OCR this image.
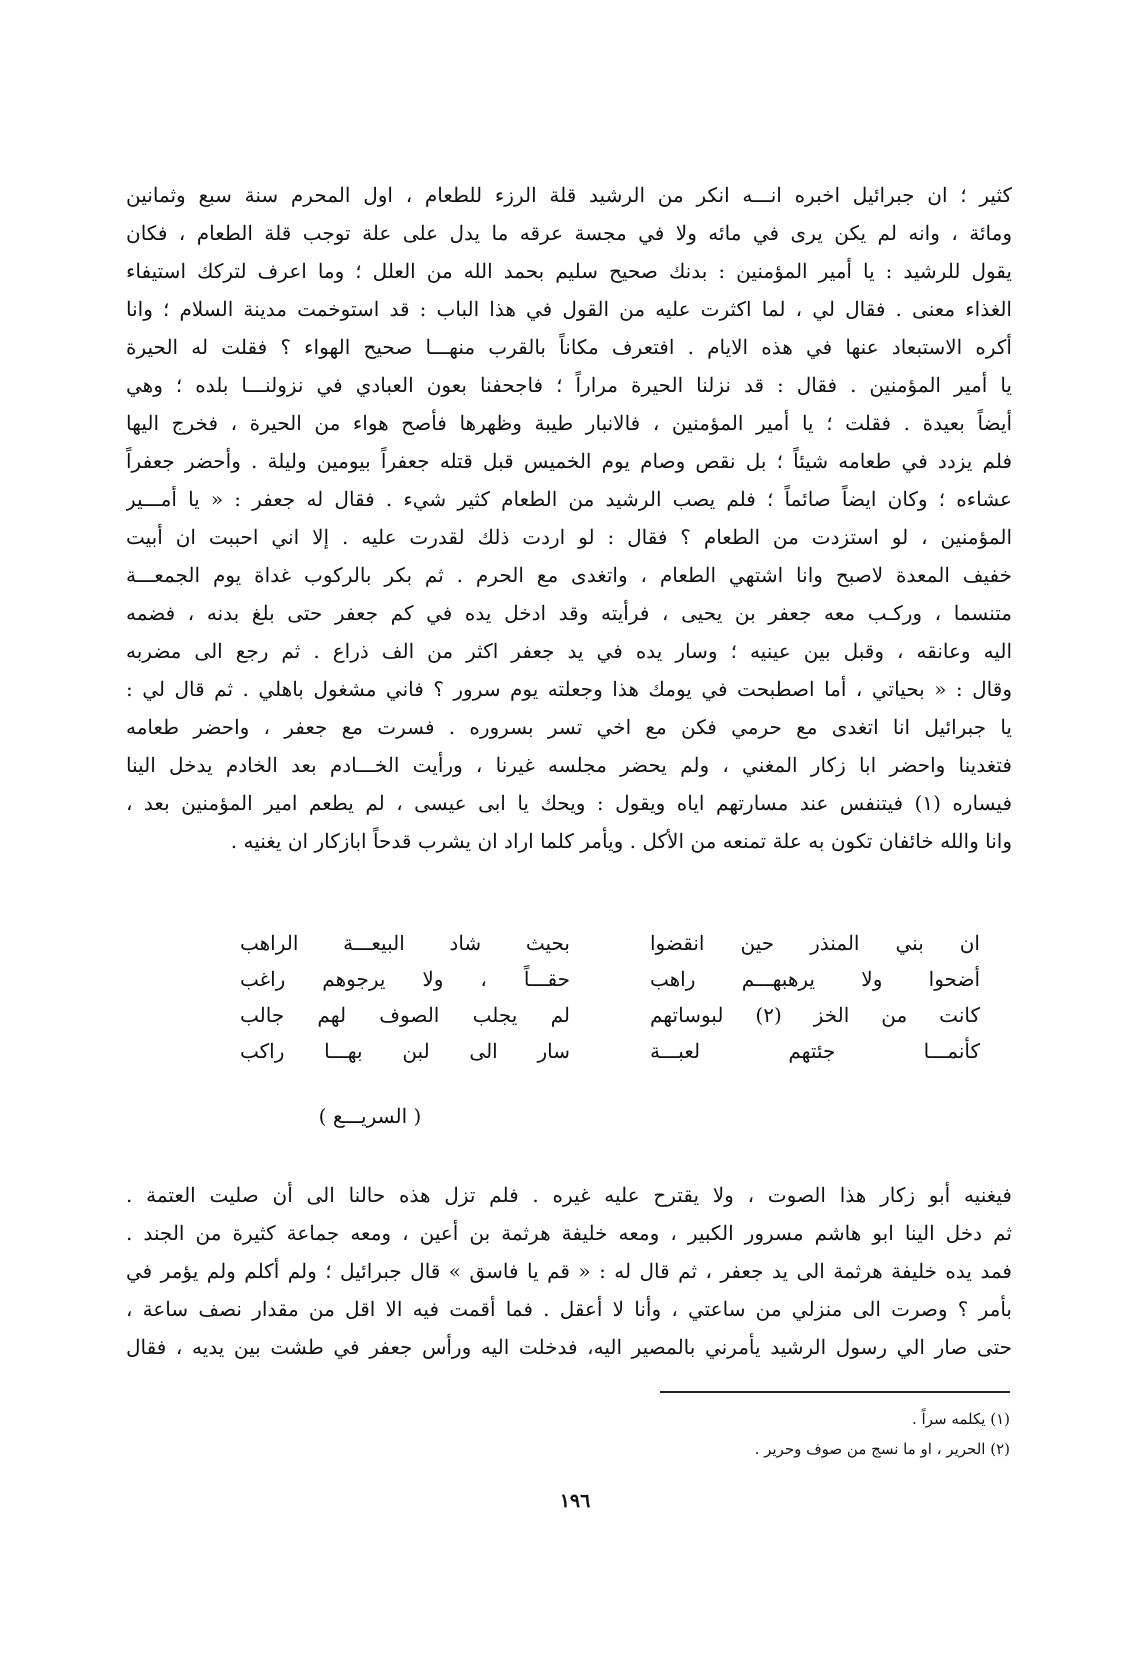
كثير ؛ ان جبرائيل اخبره انـــه انكر من الرشيد قلة الرزء للطعام ، اول المحرم سنة سبع وثمانين
ومائة ، وانه لم يكن يرى في مائه ولا في مجسة عرقه ما يدل على علة توجب قلة الطعام ، فكان
يقول للرشيد : يا أمير المؤمنين : بدنك صحيح سليم بحمد الله من العلل ؛ وما اعرف لتركك استيفاء
الغذاء معنى . فقال لي ، لما اكثرت عليه من القول في هذا الباب : قد استوخمت مدينة السلام ؛ وانا
أكره الاستبعاد عنها في هذه الايام . افتعرف مكاناً بالقرب منهـــا صحيح الهواء ؟ فقلت له الحيرة
يا أمير المؤمنين . فقال : قد نزلنا الحيرة مراراً ؛ فاجحفنا بعون العبادي في نزولنـــا بلده ؛ وهي
أيضاً بعيدة . فقلت ؛ يا أمير المؤمنين ، فالانبار طيبة وظهرها فأصح هواء من الحيرة ، فخرج اليها
فلم يزدد في طعامه شيئاً ؛ بل نقص وصام يوم الخميس قبل قتله جعفراً بيومين وليلة . وأحضر جعفراً
عشاءه ؛ وكان ايضاً صائماً ؛ فلم يصب الرشيد من الطعام كثير شيء . فقال له جعفر : « يا أمـــير
المؤمنين ، لو استزدت من الطعام ؟ فقال : لو اردت ذلك لقدرت عليه . إلا اني احببت ان أبيت
خفيف المعدة لاصبح وانا اشتهي الطعام ، واتغدى مع الحرم . ثم بكر بالركوب غداة يوم الجمعـــة
متنسما ، وركـب معه جعفر بن يحيى ، فرأيته وقد ادخل يده في كم جعفر حتى بلغ بدنه ، فضمه
اليه وعانقه ، وقبل بين عينيه ؛ وسار يده في يد جعفر اكثر من الف ذراع . ثم رجع الى مضربه
وقال : « بحياتي ، أما اصطبحت في يومك هذا وجعلته يوم سرور ؟ فاني مشغول باهلي . ثم قال لي :
يا جبرائيل انا اتغدى مع حرمي فكن مع اخي تسر بسروره . فسرت مع جعفر ، واحضر طعامه
فتغدينا واحضر ابا زكار المغني ، ولم يحضر مجلسه غيرنا ، ورأيت الخـــادم بعد الخادم يدخل الينا
فيساره (١) فيتنفس عند مسارتهم اياه ويقول : ويحك يا ابى عيسى ، لم يطعم امير المؤمنين بعد ،
وانا والله خائفان تكون به علة تمنعه من الأكل . ويأمر كلما اراد ان يشرب قدحاً ابازكار ان يغنيه .
ان بني المنذر حين انقضوا
بحيث شاد البيعـــة الراهب
أضحوا ولا يرهبهـــم راهب
حقـــاً ، ولا يرجوهم راغب
كانت من الخز (٢) لبوساتهم
لم يجلب الصوف لهم جالب
كأنمـــا جئتهم لعبـــة
سار الى لبن بهـــا راكب
( السريـــع )
فيغنيه أبو زكار هذا الصوت ، ولا يقترح عليه غيره . فلم تزل هذه حالنا الى أن صليت العتمة .
ثم دخل الينا ابو هاشم مسرور الكبير ، ومعه خليفة هرثمة بن أعين ، ومعه جماعة كثيرة من الجند .
فمد يده خليفة هرثمة الى يد جعفر ، ثم قال له : « قم يا فاسق » قال جبرائيل ؛ ولم أكلم ولم يؤمر في
بأمر ؟ وصرت الى منزلي من ساعتي ، وأنا لا أعقل . فما أقمت فيه الا اقل من مقدار نصف ساعة ،
حتى صار الي رسول الرشيد يأمرني بالمصير اليه، فدخلت اليه ورأس جعفر في طشت بين يديه ، فقال
(١) يكلمه سراً .
(٢) الحرير ، او ما نسج من صوف وحرير .
١٩٦
